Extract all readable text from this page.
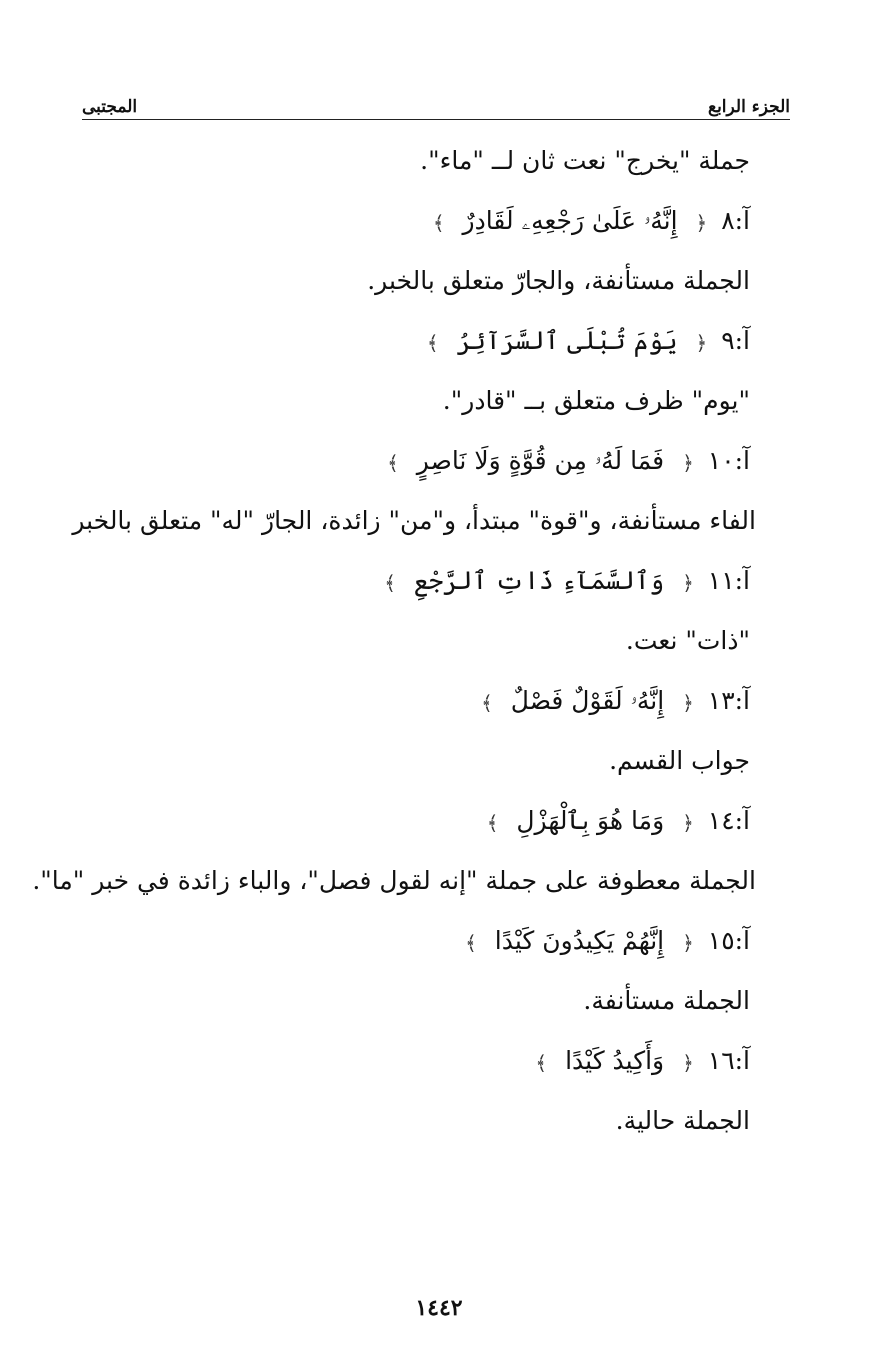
الجزء الرابع
المجتبى
جملة "يخرج" نعت ثان لــ "ماء".
آ:٨ ﴿ إِنَّهُۥ عَلَىٰ رَجْعِهِۦ لَقَادِرٌ ﴾
الجملة مستأنفة، والجارّ متعلق بالخبر.
آ:٩ ﴿ يَوْمَ تُبْلَى ٱلسَّرَآئِرُ ﴾
"يوم" ظرف متعلق بــ "قادر".
آ:١٠ ﴿ فَمَا لَهُۥ مِن قُوَّةٍ وَلَا نَاصِرٍ ﴾
الفاء مستأنفة، و"قوة" مبتدأ، و"من" زائدة، الجارّ "له" متعلق بالخبر
آ:١١ ﴿ وَٱلسَّمَآءِ ذَاتِ ٱلرَّجْعِ ﴾
"ذات" نعت.
آ:١٣ ﴿ إِنَّهُۥ لَقَوْلٌ فَصْلٌ ﴾
جواب القسم.
آ:١٤ ﴿ وَمَا هُوَ بِٱلْهَزْلِ ﴾
الجملة معطوفة على جملة "إنه لقول فصل"، والباء زائدة في خبر "ما".
آ:١٥ ﴿ إِنَّهُمْ يَكِيدُونَ كَيْدًا ﴾
الجملة مستأنفة.
آ:١٦ ﴿ وَأَكِيدُ كَيْدًا ﴾
الجملة حالية.
١٤٤٢
